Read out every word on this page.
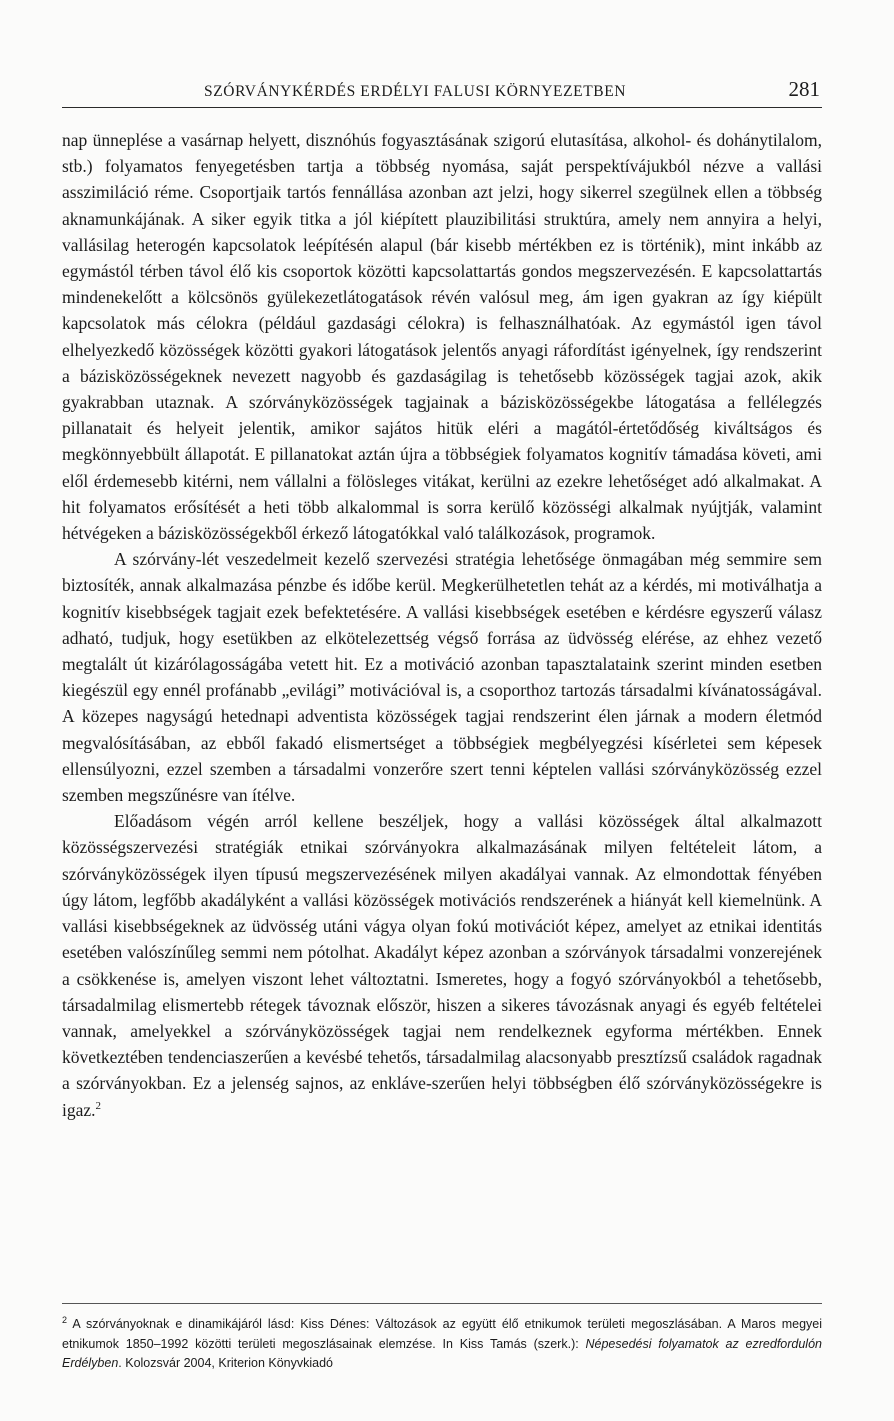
SZÓRVÁNYKÉRDÉS ERDÉLYI FALUSI KÖRNYEZETBEN	281

nap ünneplése a vasárnap helyett, disznóhús fogyasztásának szigorú elutasítása, alkohol- és dohánytilalom, stb.) folyamatos fenyegetésben tartja a többség nyomása, saját perspektívájukból nézve a vallási asszimiláció réme. Csoportjaik tartós fennállása azonban azt jelzi, hogy sikerrel szegülnek ellen a többség aknamunkájának. A siker egyik titka a jól kiépített plauzibilitási struktúra, amely nem annyira a helyi, vallásilag heterogén kapcsolatok leépítésén alapul (bár kisebb mértékben ez is történik), mint inkább az egymástól térben távol élő kis csoportok közötti kapcsolattartás gondos megszervezésén. E kapcsolattartás mindenekelőtt a kölcsönös gyülekezetlátogatások révén valósul meg, ám igen gyakran az így kiépült kapcsolatok más célokra (például gazdasági célokra) is felhasználhatóak. Az egymástól igen távol elhelyezkedő közösségek közötti gyakori látogatások jelentős anyagi ráfordítást igényelnek, így rendszerint a bázisközösségeknek nevezett nagyobb és gazdaságilag is tehetősebb közösségek tagjai azok, akik gyakrabban utaznak. A szórványközösségek tagjainak a bázisközösségekbe látogatása a fellélegzés pillanatait és helyeit jelentik, amikor sajátos hitük eléri a magától-értetődőség kiváltságos és megkönnyebbült állapotát. E pillanatokat aztán újra a többségiek folyamatos kognitív támadása követi, ami elől érdemesebb kitérni, nem vállalni a fölösleges vitákat, kerülni az ezekre lehetőséget adó alkalmakat. A hit folyamatos erősítését a heti több alkalommal is sorra kerülő közösségi alkalmak nyújtják, valamint hétvégeken a bázisközösségekből érkező látogatókkal való találkozások, programok.

A szórvány-lét veszedelmeit kezelő szervezési stratégia lehetősége önmagában még semmire sem biztosíték, annak alkalmazása pénzbe és időbe kerül. Megkerülhetetlen tehát az a kérdés, mi motiválhatja a kognitív kisebbségek tagjait ezek befektetésére. A vallási kisebbségek esetében e kérdésre egyszerű válasz adható, tudjuk, hogy esetükben az elkötelezettség végső forrása az üdvösség elérése, az ehhez vezető megtalált út kizárólagosságába vetett hit. Ez a motiváció azonban tapasztalataink szerint minden esetben kiegészül egy ennél profánabb „evilági” motivációval is, a csoporthoz tartozás társadalmi kívánatosságával. A közepes nagyságú hetednapi adventista közösségek tagjai rendszerint élen járnak a modern életmód megvalósításában, az ebből fakadó elismertséget a többségiek megbélyegzési kísérletei sem képesek ellensúlyozni, ezzel szemben a társadalmi vonzerőre szert tenni képtelen vallási szórványközösség ezzel szemben megszűnésre van ítélve.

Előadásom végén arról kellene beszéljek, hogy a vallási közösségek által alkalmazott közösségszervezési stratégiák etnikai szórványokra alkalmazásának milyen feltételeit látom, a szórványközösségek ilyen típusú megszervezésének milyen akadályai vannak. Az elmondottak fényében úgy látom, legfőbb akadályként a vallási közösségek motivációs rendszerének a hiányát kell kiemelnünk. A vallási kisebbségeknek az üdvösség utáni vágya olyan fokú motivációt képez, amelyet az etnikai identitás esetében valószínűleg semmi nem pótolhat. Akadályt képez azonban a szórványok társadalmi vonzerejének a csökkenése is, amelyen viszont lehet változtatni. Ismeretes, hogy a fogyó szórványokból a tehetősebb, társadalmilag elismertebb rétegek távoznak először, hiszen a sikeres távozásnak anyagi és egyéb feltételei vannak, amelyekkel a szórványközösségek tagjai nem rendelkeznek egyforma mértékben. Ennek következtében tendenciaszerűen a kevésbé tehetős, társadalmilag alacsonyabb presztízsű családok ragadnak a szórványokban. Ez a jelenség sajnos, az enkláve-szerűen helyi többségben élő szórványközösségekre is igaz.$^2$

$^2$ A szórványoknak e dinamikájáról lásd: Kiss Dénes: Változások az együtt élő etnikumok területi megoszlásában. A Maros megyei etnikumok 1850–1992 közötti területi megoszlásainak elemzése. In Kiss Tamás (szerk.): Népesedési folyamatok az ezredfordulón Erdélyben. Kolozsvár 2004, Kriterion Könyvkiadó
